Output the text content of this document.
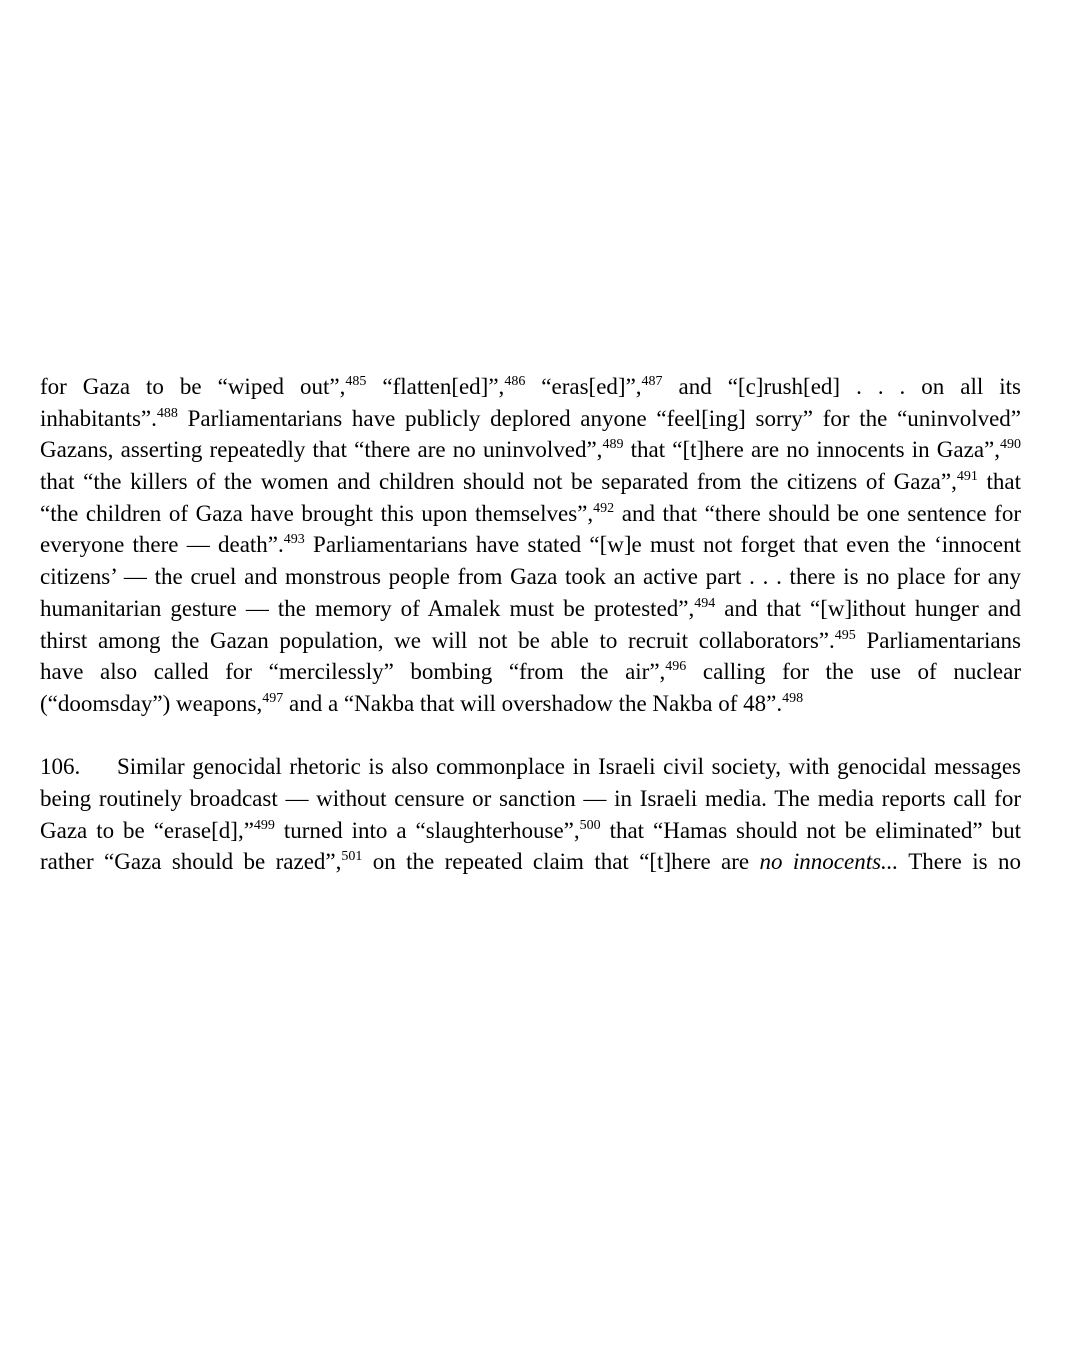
for Gaza to be “wiped out”,$^{485}$ “flatten[ed]”,$^{486}$ “eras[ed]”,$^{487}$ and “[c]rush[ed] . . . on all its
inhabitants”.$^{488}$ Parliamentarians have publicly deplored anyone “feel[ing] sorry” for the “uninvolved”
Gazans, asserting repeatedly that “there are no uninvolved”,$^{489}$ that “[t]here are no innocents in Gaza”,$^{490}$
that “the killers of the women and children should not be separated from the citizens of Gaza”,$^{491}$ that
“the children of Gaza have brought this upon themselves”,$^{492}$ and that “there should be one sentence for
everyone there — death”.$^{493}$ Parliamentarians have stated “[w]e must not forget that even the ‘innocent
citizens’ — the cruel and monstrous people from Gaza took an active part . . . there is no place for any
humanitarian gesture — the memory of Amalek must be protested”,$^{494}$ and that “[w]ithout hunger and
thirst among the Gazan population, we will not be able to recruit collaborators”.$^{495}$ Parliamentarians
have also called for “mercilessly” bombing “from the air”,$^{496}$ calling for the use of nuclear
(“doomsday”) weapons,$^{497}$ and a “Nakba that will overshadow the Nakba of 48”.$^{498}$
106. Similar genocidal rhetoric is also commonplace in Israeli civil society, with genocidal messages
being routinely broadcast — without censure or sanction — in Israeli media. The media reports call for
Gaza to be “erase[d],”$^{499}$ turned into a “slaughterhouse”,$^{500}$ that “Hamas should not be eliminated” but
rather “Gaza should be razed”,$^{501}$ on the repeated claim that “[t]here are no innocents... There is no
